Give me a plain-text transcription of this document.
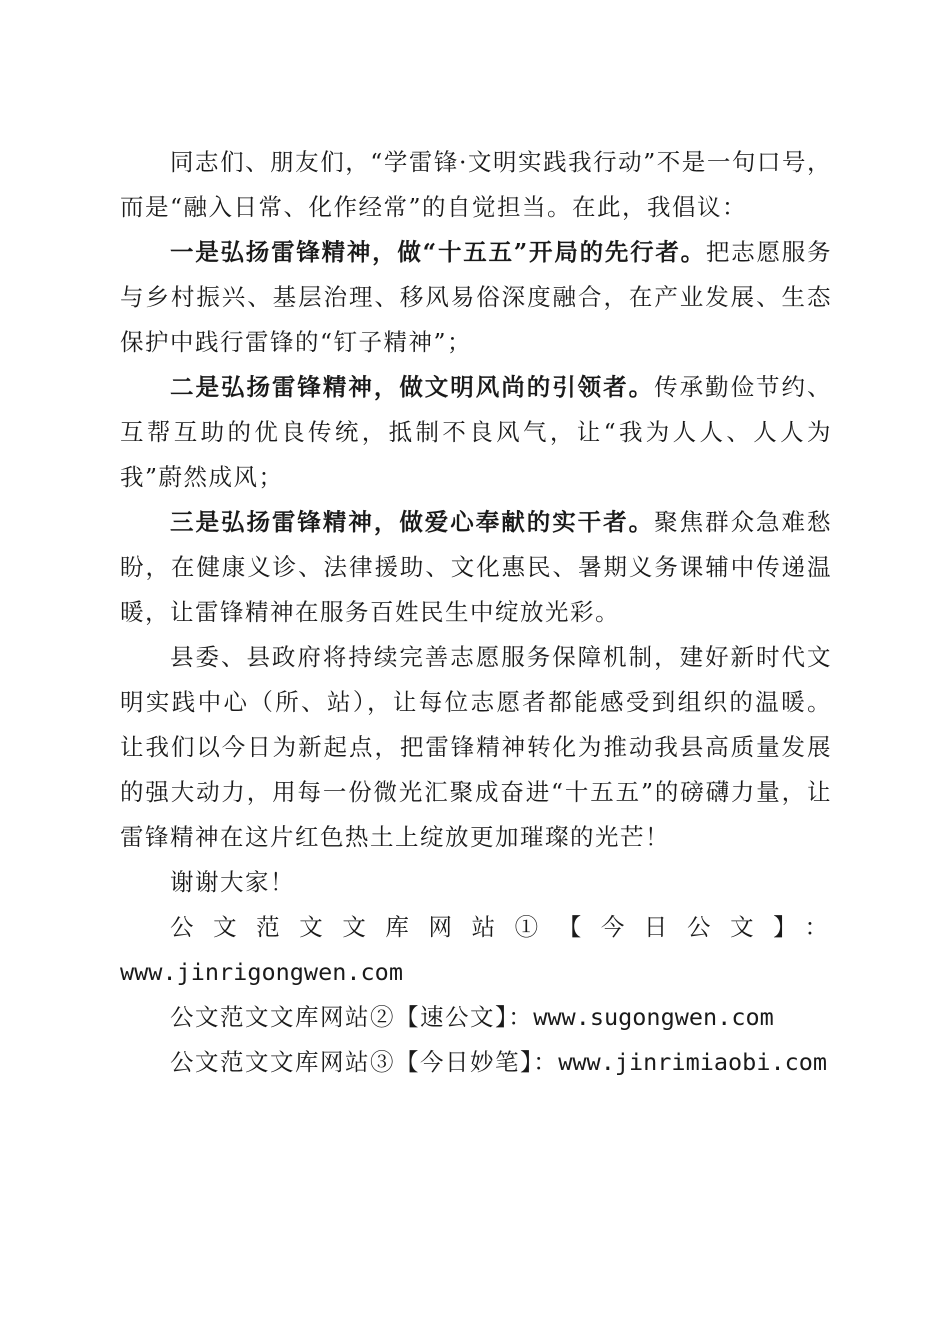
同志们、朋友们，“学雷锋·文明实践我行动”不是一句口号，而是“融入日常、化作经常”的自觉担当。在此，我倡议：

一是弘扬雷锋精神，做“十五五”开局的先行者。把志愿服务与乡村振兴、基层治理、移风易俗深度融合，在产业发展、生态保护中践行雷锋的“钉子精神”；

二是弘扬雷锋精神，做文明风尚的引领者。传承勤俭节约、互帮互助的优良传统，抵制不良风气，让“我为人人、人人为我”蔚然成风；

三是弘扬雷锋精神，做爱心奉献的实干者。聚焦群众急难愁盼，在健康义诊、法律援助、文化惠民、暑期义务课辅中传递温暖，让雷锋精神在服务百姓民生中绽放光彩。

县委、县政府将持续完善志愿服务保障机制，建好新时代文明实践中心（所、站），让每位志愿者都能感受到组织的温暖。让我们以今日为新起点，把雷锋精神转化为推动我县高质量发展的强大动力，用每一份微光汇聚成奋进“十五五”的磅礴力量，让雷锋精神在这片红色热土上绽放更加璀璨的光芒！

谢谢大家！

公文范文文库网站①【今日公文】：

www.jinrigongwen.com

公文范文文库网站②【速公文】：www.sugongwen.com

公文范文文库网站③【今日妙笔】：www.jinrimiaobi.com
